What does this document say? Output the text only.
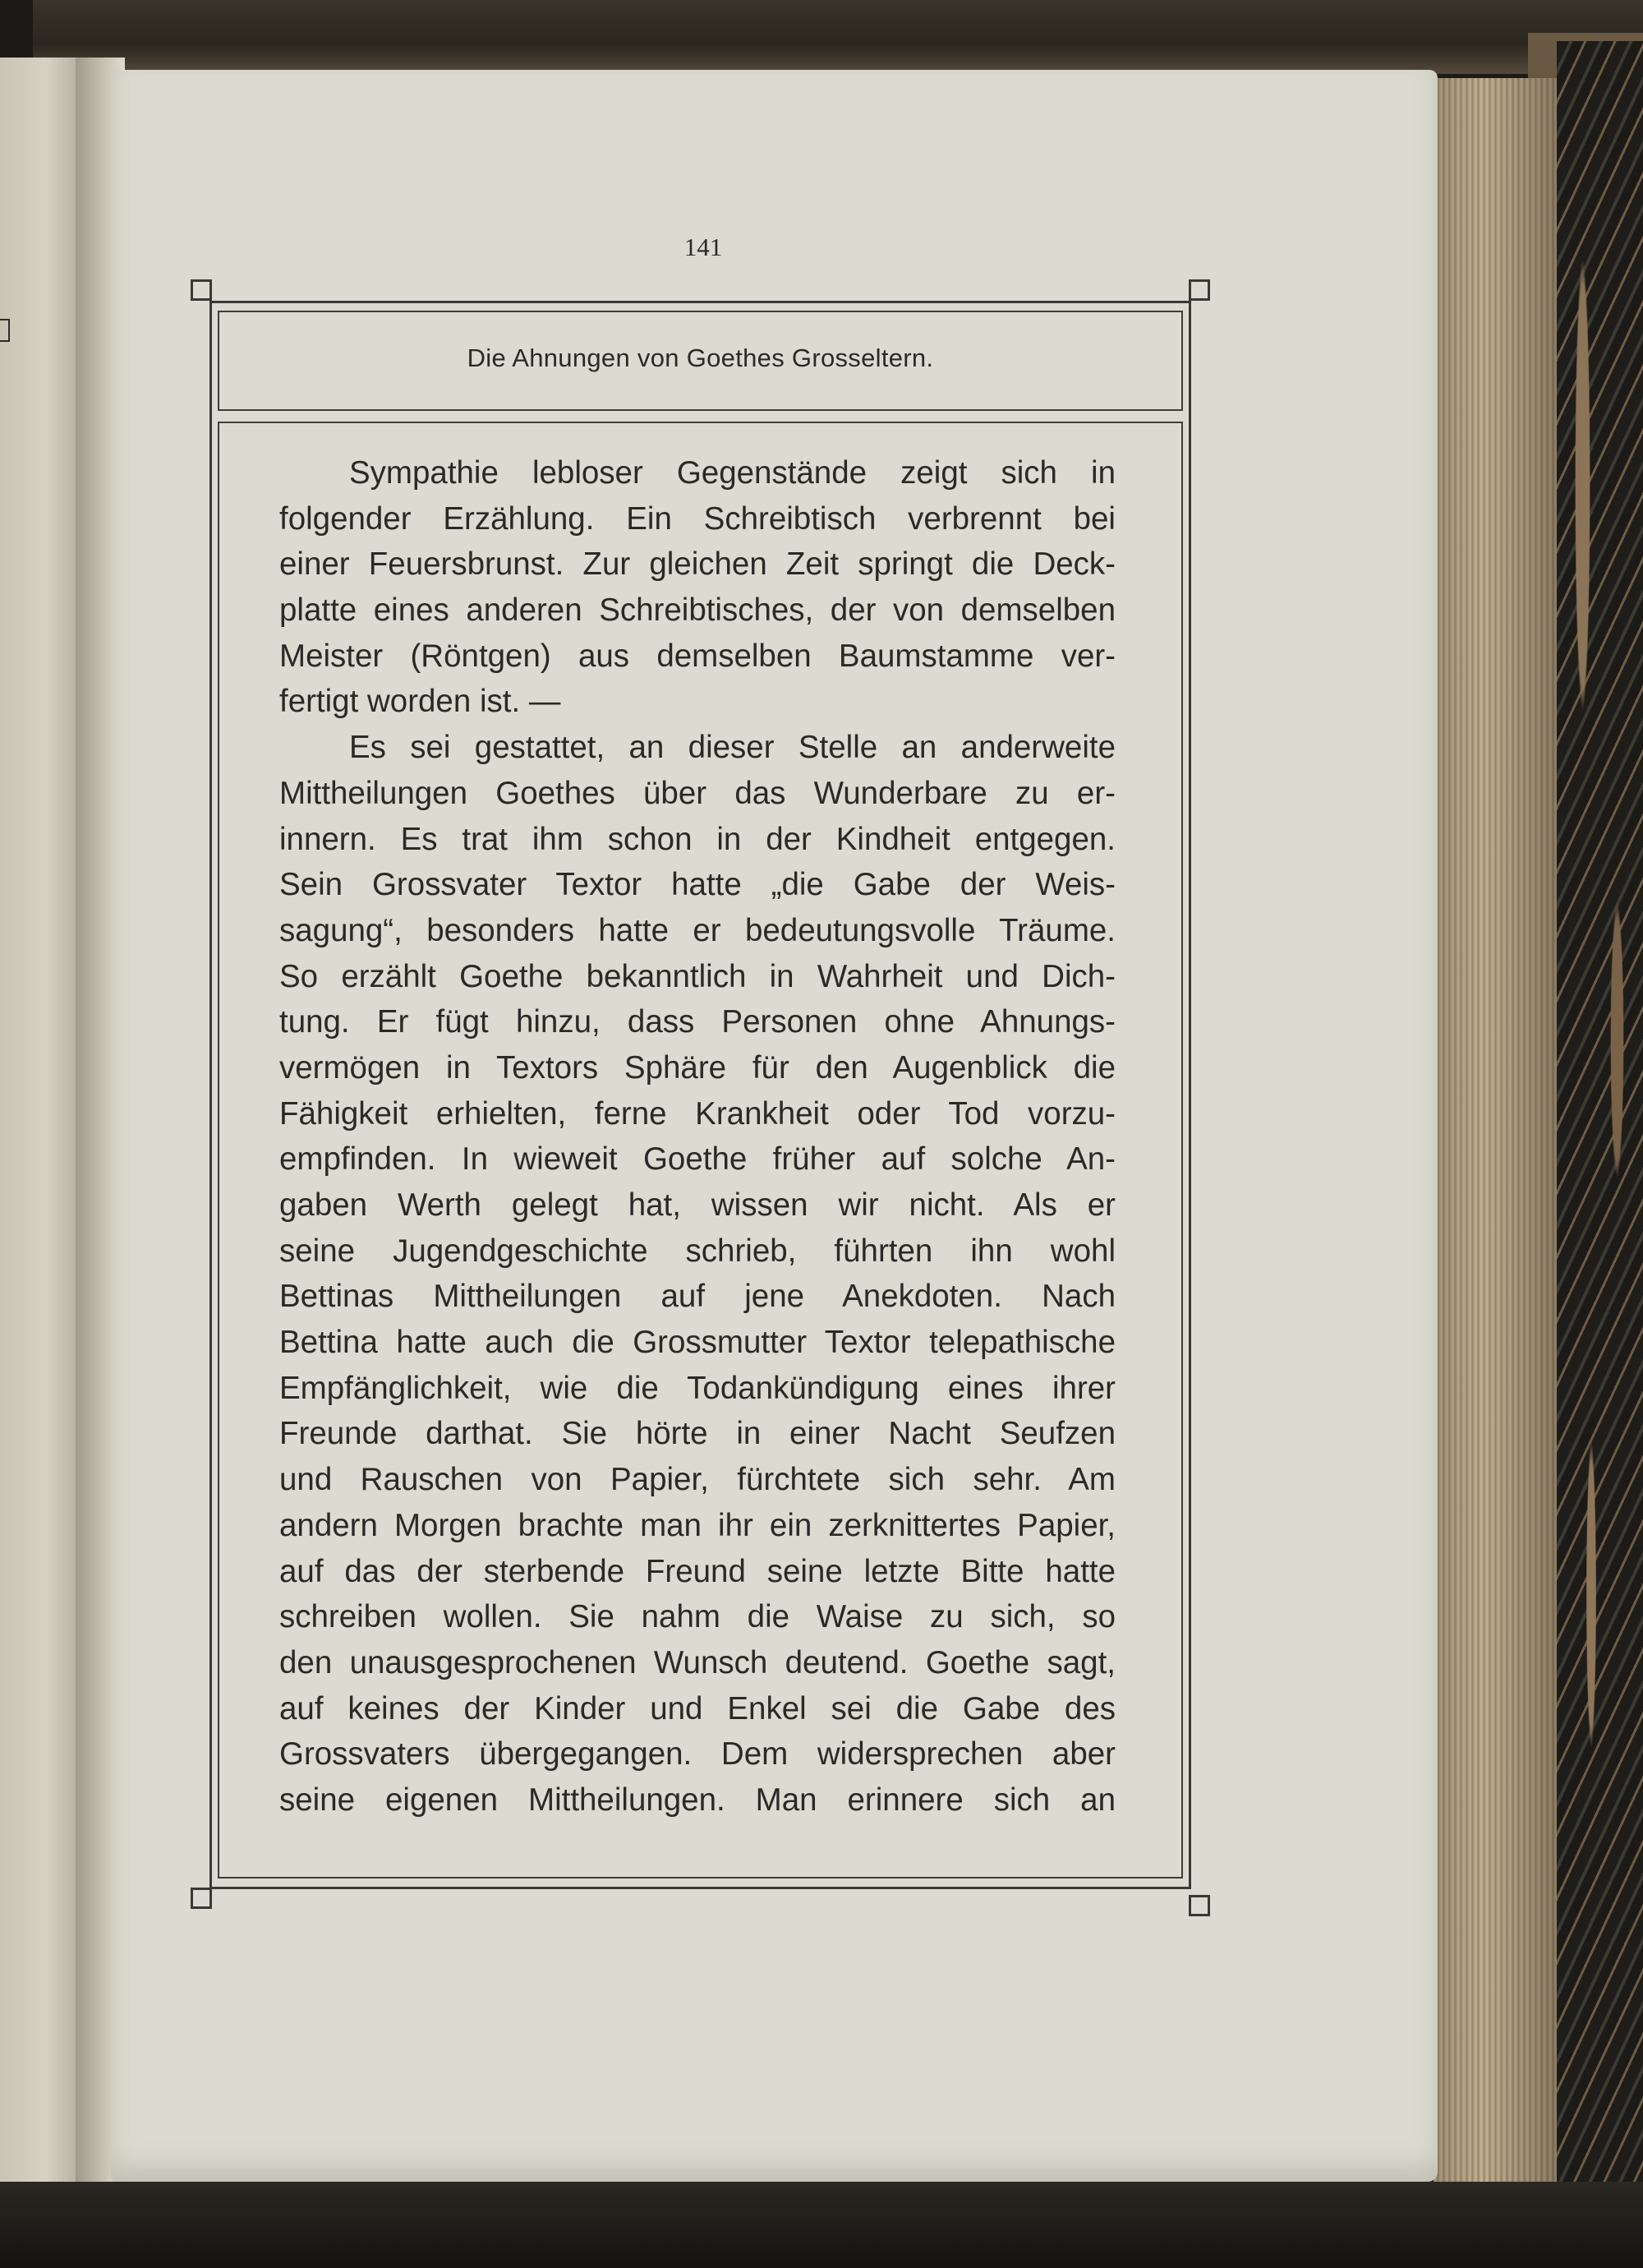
141
Die Ahnungen von Goethes Grosseltern.
Sympathie lebloser Gegenstände zeigt sich in
folgender Erzählung. Ein Schreibtisch verbrennt bei
einer Feuersbrunst. Zur gleichen Zeit springt die Deck-
platte eines anderen Schreibtisches, der von demselben
Meister (Röntgen) aus demselben Baumstamme ver-
fertigt worden ist. —
Es sei gestattet, an dieser Stelle an anderweite
Mittheilungen Goethes über das Wunderbare zu er-
innern. Es trat ihm schon in der Kindheit entgegen.
Sein Grossvater Textor hatte „die Gabe der Weis-
sagung“, besonders hatte er bedeutungsvolle Träume.
So erzählt Goethe bekanntlich in Wahrheit und Dich-
tung. Er fügt hinzu, dass Personen ohne Ahnungs-
vermögen in Textors Sphäre für den Augenblick die
Fähigkeit erhielten, ferne Krankheit oder Tod vorzu-
empfinden. In wieweit Goethe früher auf solche An-
gaben Werth gelegt hat, wissen wir nicht. Als er
seine Jugendgeschichte schrieb, führten ihn wohl
Bettinas Mittheilungen auf jene Anekdoten. Nach
Bettina hatte auch die Grossmutter Textor telepathische
Empfänglichkeit, wie die Todankündigung eines ihrer
Freunde darthat. Sie hörte in einer Nacht Seufzen
und Rauschen von Papier, fürchtete sich sehr. Am
andern Morgen brachte man ihr ein zerknittertes Papier,
auf das der sterbende Freund seine letzte Bitte hatte
schreiben wollen. Sie nahm die Waise zu sich, so
den unausgesprochenen Wunsch deutend. Goethe sagt,
auf keines der Kinder und Enkel sei die Gabe des
Grossvaters übergegangen. Dem widersprechen aber
seine eigenen Mittheilungen. Man erinnere sich an
